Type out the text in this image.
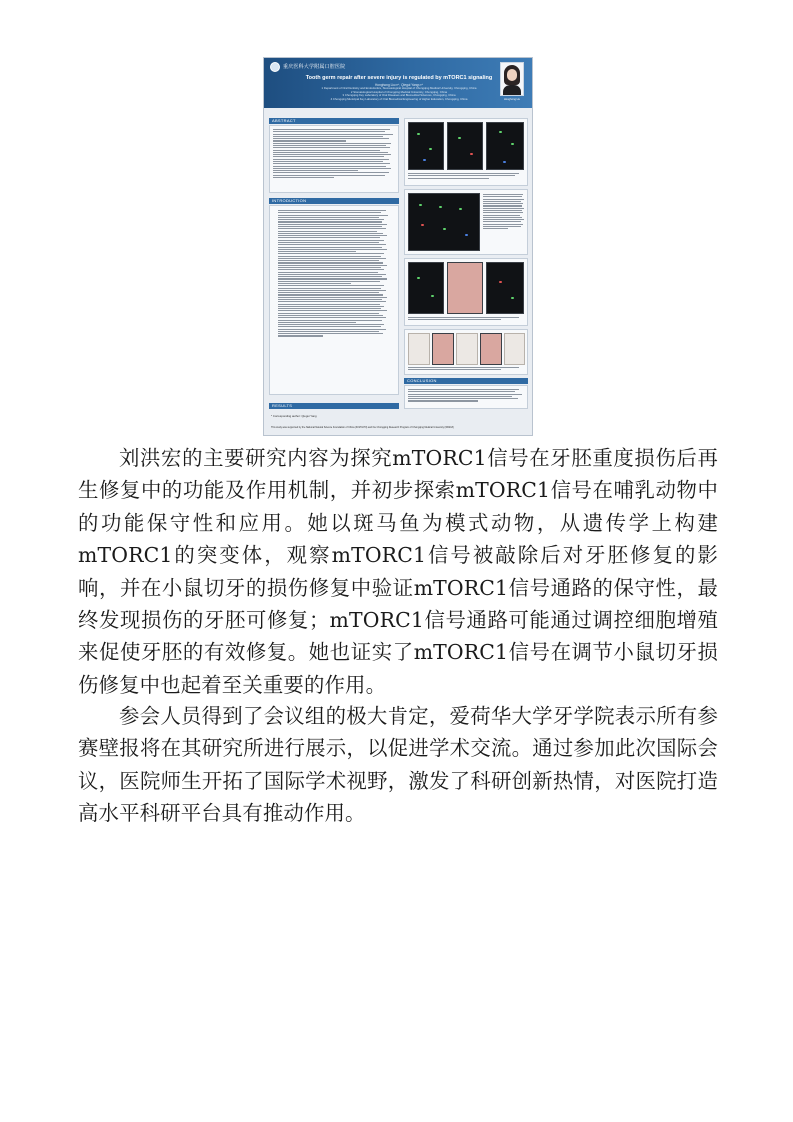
重庆医科大学附属口腔医院
Tooth germ repair after severe injury is regulated by mTORC1 signaling
Honghong Liu¹²³⁴, Qiegui Yang¹²³⁴
1 Department of Oral Dentistry and Endodontics, Stomatological Hospital of Chongqing Medical University, Chongqing, China
2 Stomatological Hospital of Chongqing Medical University, Chongqing, China
3 Chongqing Key Laboratory of Oral Diseases and Biomedical Sciences, Chongqing, China
4 Chongqing Municipal Key Laboratory of Oral Biomedical Engineering of Higher Education, Chongqing, China	Honghong Liu
ABSTRACT
INTRODUCTION
RESULTS
* Corresponding author: Qiegui Yang
This study was supported by the National Natural Science Foundation of China (31971070) and the Chongqing Research Program of Chongqing Medical University (W0218)
CONCLUSION

刘洪宏的主要研究内容为探究mTORC1信号在牙胚重度损伤后再生修复中的功能及作用机制，并初步探索mTORC1信号在哺乳动物中的功能保守性和应用。她以斑马鱼为模式动物，从遗传学上构建mTORC1的突变体，观察mTORC1信号被敲除后对牙胚修复的影响，并在小鼠切牙的损伤修复中验证mTORC1信号通路的保守性，最终发现损伤的牙胚可修复；mTORC1信号通路可能通过调控细胞增殖来促使牙胚的有效修复。她也证实了mTORC1信号在调节小鼠切牙损伤修复中也起着至关重要的作用。

参会人员得到了会议组的极大肯定，爱荷华大学牙学院表示所有参赛壁报将在其研究所进行展示，以促进学术交流。通过参加此次国际会议，医院师生开拓了国际学术视野，激发了科研创新热情，对医院打造高水平科研平台具有推动作用。
